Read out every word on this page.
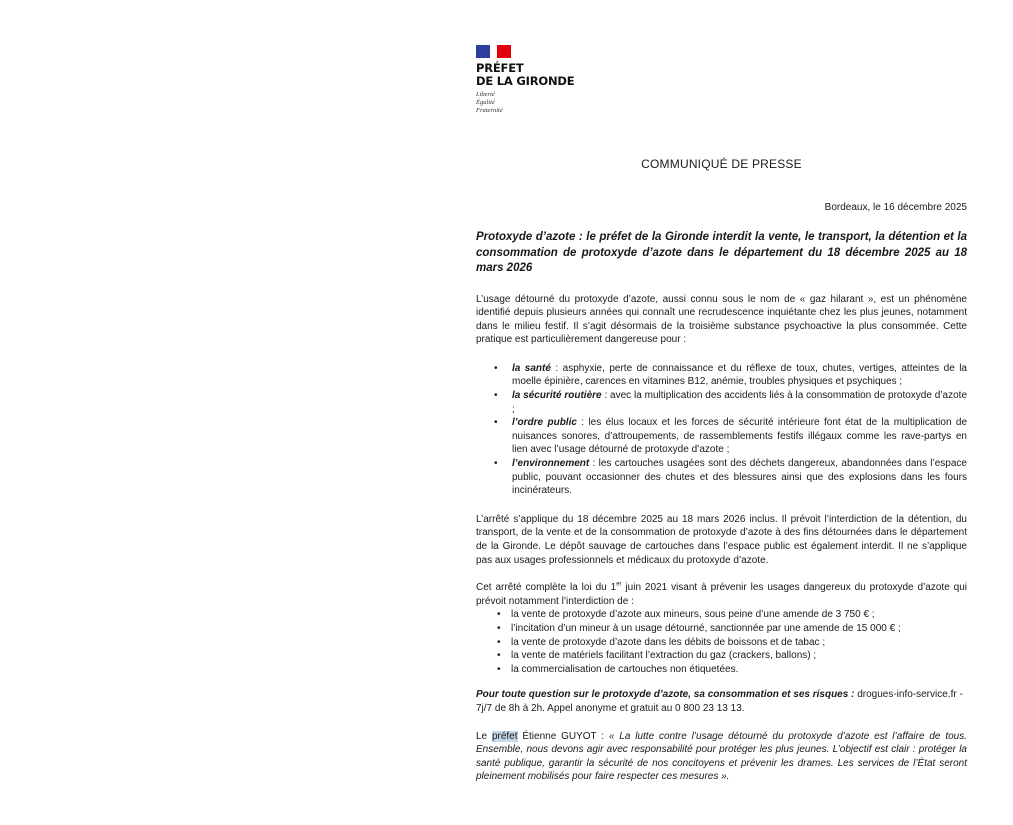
PRÉFET
DE LA GIRONDE
Liberté
Égalité
Fraternité
COMMUNIQUÉ DE PRESSE
Bordeaux, le 16 décembre 2025
Protoxyde d’azote : le préfet de la Gironde interdit la vente, le transport, la détention et la consommation de protoxyde d’azote dans le département du 18 décembre 2025 au 18 mars 2026

L’usage détourné du protoxyde d’azote, aussi connu sous le nom de « gaz hilarant », est un phénomène identifié depuis plusieurs années qui connaît une recrudescence inquiétante chez les plus jeunes, notamment dans le milieu festif. Il s’agit désormais de la troisième substance psychoactive la plus consommée. Cette pratique est particulièrement dangereuse pour :

• la santé : asphyxie, perte de connaissance et du réflexe de toux, chutes, vertiges, atteintes de la moelle épinière, carences en vitamines B12, anémie, troubles physiques et psychiques ;
• la sécurité routière : avec la multiplication des accidents liés à la consommation de protoxyde d’azote ;
• l’ordre public : les élus locaux et les forces de sécurité intérieure font état de la multiplication de nuisances sonores, d’attroupements, de rassemblements festifs illégaux comme les rave-partys en lien avec l’usage détourné de protoxyde d’azote ;
• l’environnement : les cartouches usagées sont des déchets dangereux, abandonnées dans l’espace public, pouvant occasionner des chutes et des blessures ainsi que des explosions dans les fours incinérateurs.

L’arrêté s’applique du 18 décembre 2025 au 18 mars 2026 inclus. Il prévoit l’interdiction de la détention, du transport, de la vente et de la consommation de protoxyde d’azote à des fins détournées dans le département de la Gironde. Le dépôt sauvage de cartouches dans l’espace public est également interdit. Il ne s’applique pas aux usages professionnels et médicaux du protoxyde d’azote.

Cet arrêté complète la loi du 1er juin 2021 visant à prévenir les usages dangereux du protoxyde d’azote qui prévoit notamment l’interdiction de :

• la vente de protoxyde d’azote aux mineurs, sous peine d’une amende de 3 750 € ;
• l’incitation d’un mineur à un usage détourné, sanctionnée par une amende de 15 000 € ;
• la vente de protoxyde d’azote dans les débits de boissons et de tabac ;
• la vente de matériels facilitant l’extraction du gaz (crackers, ballons) ;
• la commercialisation de cartouches non étiquetées.

Pour toute question sur le protoxyde d’azote, sa consommation et ses risques : drogues-info-service.fr - 7j/7 de 8h à 2h. Appel anonyme et gratuit au 0 800 23 13 13.

Le préfet Étienne GUYOT : « La lutte contre l’usage détourné du protoxyde d’azote est l’affaire de tous. Ensemble, nous devons agir avec responsabilité pour protéger les plus jeunes. L’objectif est clair : protéger la santé publique, garantir la sécurité de nos concitoyens et prévenir les drames. Les services de l’État seront pleinement mobilisés pour faire respecter ces mesures ».
